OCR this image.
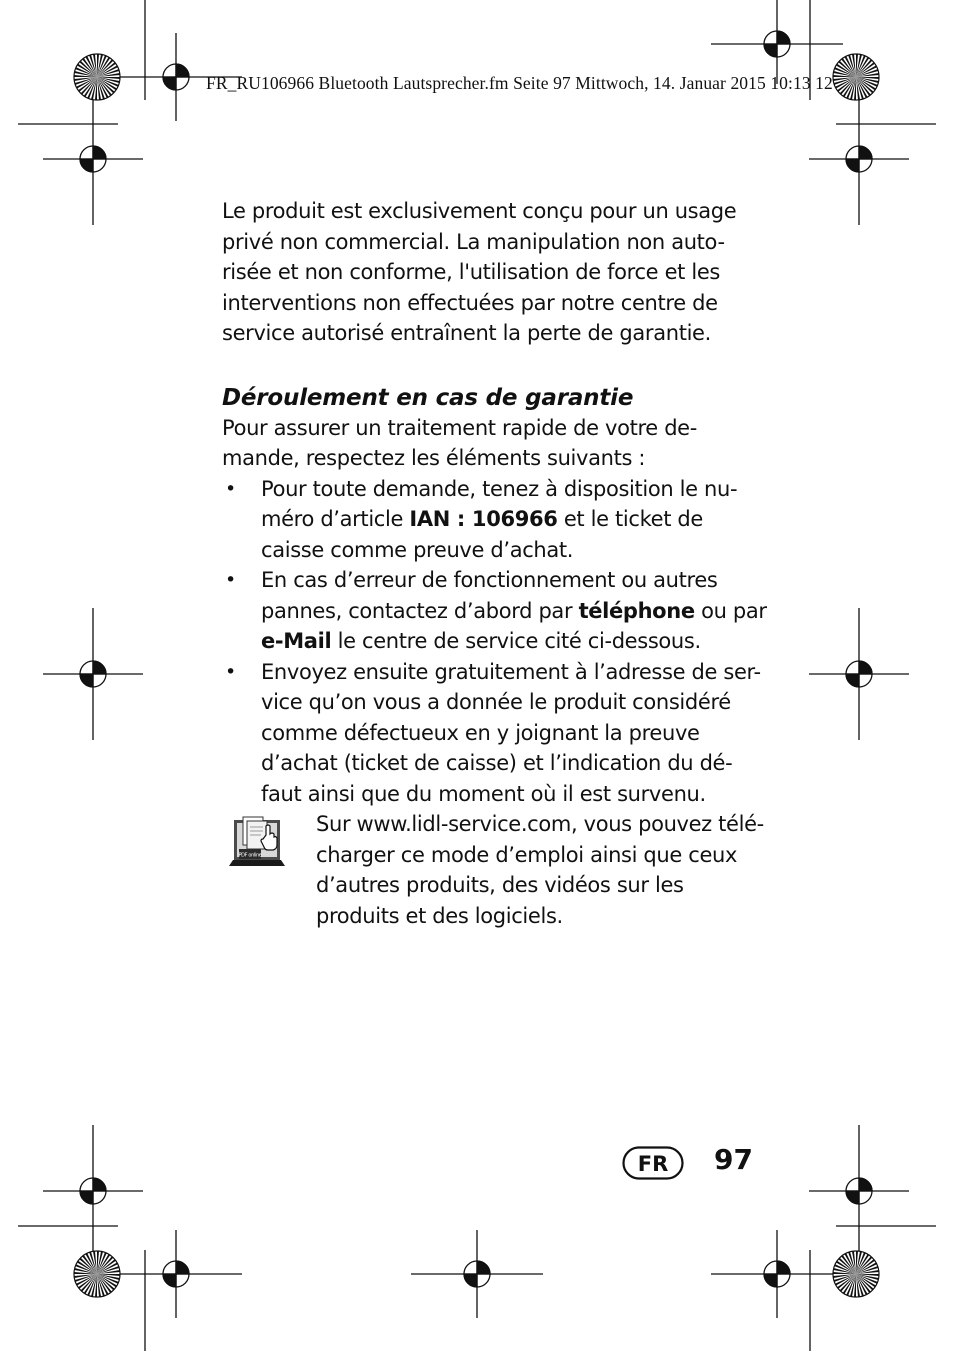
FR_RU106966 Bluetooth Lautsprecher.fm Seite 97 Mittwoch, 14. Januar 2015 10:13 12

Le produit est exclusivement conçu pour un usage privé non commercial. La manipulation non auto-risée et non conforme, l'utilisation de force et les interventions non effectuées par notre centre de service autorisé entraînent la perte de garantie.

Déroulement en cas de garantie

Pour assurer un traitement rapide de votre de-mande, respectez les éléments suivants :

• Pour toute demande, tenez à disposition le nu-méro d’article IAN : 106966 et le ticket de caisse comme preuve d’achat.
• En cas d’erreur de fonctionnement ou autres pannes, contactez d’abord par téléphone ou par e-Mail le centre de service cité ci-dessous.
• Envoyez ensuite gratuitement à l’adresse de ser-vice qu’on vous a donnée le produit considéré comme défectueux en y joignant la preuve d’achat (ticket de caisse) et l’indication du dé-faut ainsi que du moment où il est survenu.
PDF online

Sur www.lidl-service.com, vous pouvez télé-charger ce mode d’emploi ainsi que ceux d’autres produits, des vidéos sur les produits et des logiciels.

FR 97
